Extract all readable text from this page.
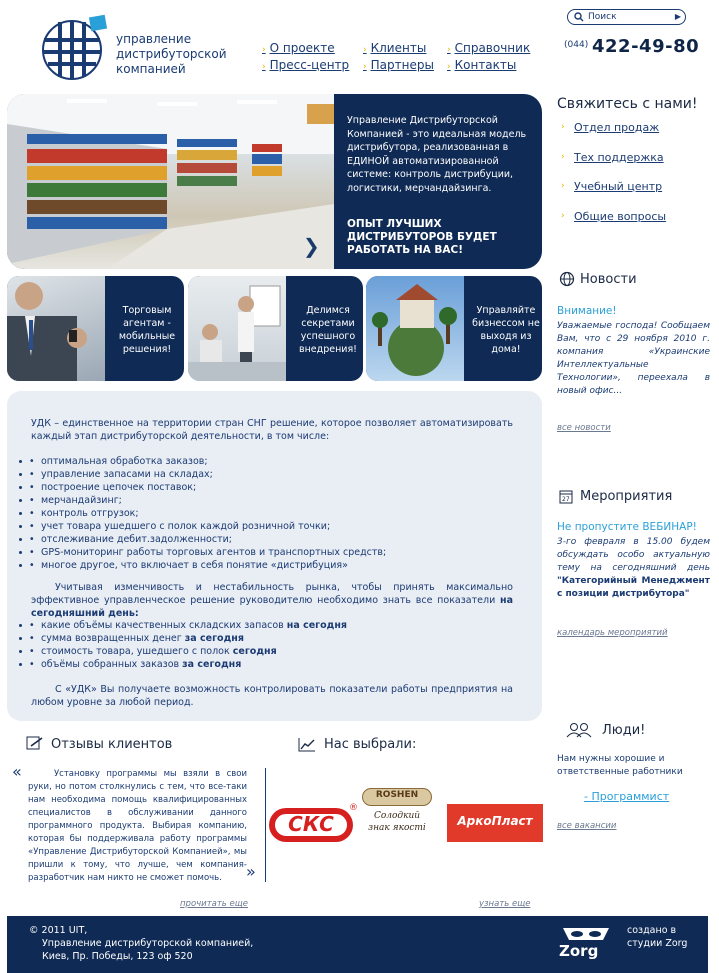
управление
дистрибуторской
компанией
› О проекте
› Пресс-центр
› Клиенты
› Партнеры
› Справочник
› Контакты
Поиск	▶
(044) 422-49-80
Управление Дистрибуторской Компанией - это идеальная модель дистрибутора, реализованная в ЕДИНОЙ автоматизированной системе: контроль дистрибуции, логистики, мерчандайзинга.
ОПЫТ ЛУЧШИХ ДИСТРИБУТОРОВ БУДЕТ РАБОТАТЬ НА ВАС!
❯
Торговым агентам - мобильные решения!
Делимся секретами успешного внедрения!
Управляйте бизнессом не выходя из дома!
УДК – единственное на территории стран СНГ решение, которое позволяет автоматизировать каждый этап дистрибуторской деятельности, в том числе:
• • оптимальная обработка заказов;
• • управление запасами на складах;
• • построение цепочек поставок;
• • мерчандайзинг;
• • контроль отгрузок;
• • учет товара ушедшего с полок каждой розничной точки;
• • отслеживание дебит.задолженности;
• • GPS-мониторинг работы торговых агентов и транспортных средств;
• • многое другое, что включает в себя понятие «дистрибуция»
Учитывая изменчивость и нестабильность рынка, чтобы принять максимально эффективное управленческое решение руководителю необходимо знать все показатели на сегодняшний день:
• • какие объёмы качественных складских запасов на сегодня
• • сумма возвращенных денег за сегодня
• • стоимость товара, ушедшего с полок сегодня
• • объёмы собранных заказов за сегодня
С «УДК» Вы получаете возможность контролировать показатели работы предприятия на любом уровне за любой период.
Свяжитесь с нами!
› Отдел продаж
› Тех поддержка
› Учебный центр
› Общие вопросы
Новости
Внимание!
Уважаемые господа! Сообщаем Вам, что с 29 ноября 2010 г. компания «Украинские Интеллектуальные Технологии», переехала в новый офис...
все новости
27 Мероприятия
Не пропустите ВЕБИНАР!
3-го февраля в 15.00 будем обсуждать особо актуальную тему на сегодняшний день "Категорийный Менеджмент с позиции дистрибутора"
календарь мероприятий
Люди!
Нам нужны хорошие и ответственные работники
- Программист
все вакансии
Отзывы клиентов
«	Установку программы мы взяли в свои руки, но потом столкнулись с тем, что все-таки нам необходима помощь квалифицированных специалистов в обслуживании данного программного продукта. Выбирая компанию, которая бы поддерживала работу программы «Управление Дистрибуторской Компанией», мы пришли к тому, что лучше, чем компания-разработчик нам никто не сможет помочь.	»
прочитать еще
Нас выбрали:
СКС
®
ROSHEN
Солодкий знак якості	АркоПласт
узнать еще
© 2011 UIT,
Управление дистрибуторской компанией,
Киев, Пр. Победы, 123 оф 520	Zorg
создано в студии Zorg
